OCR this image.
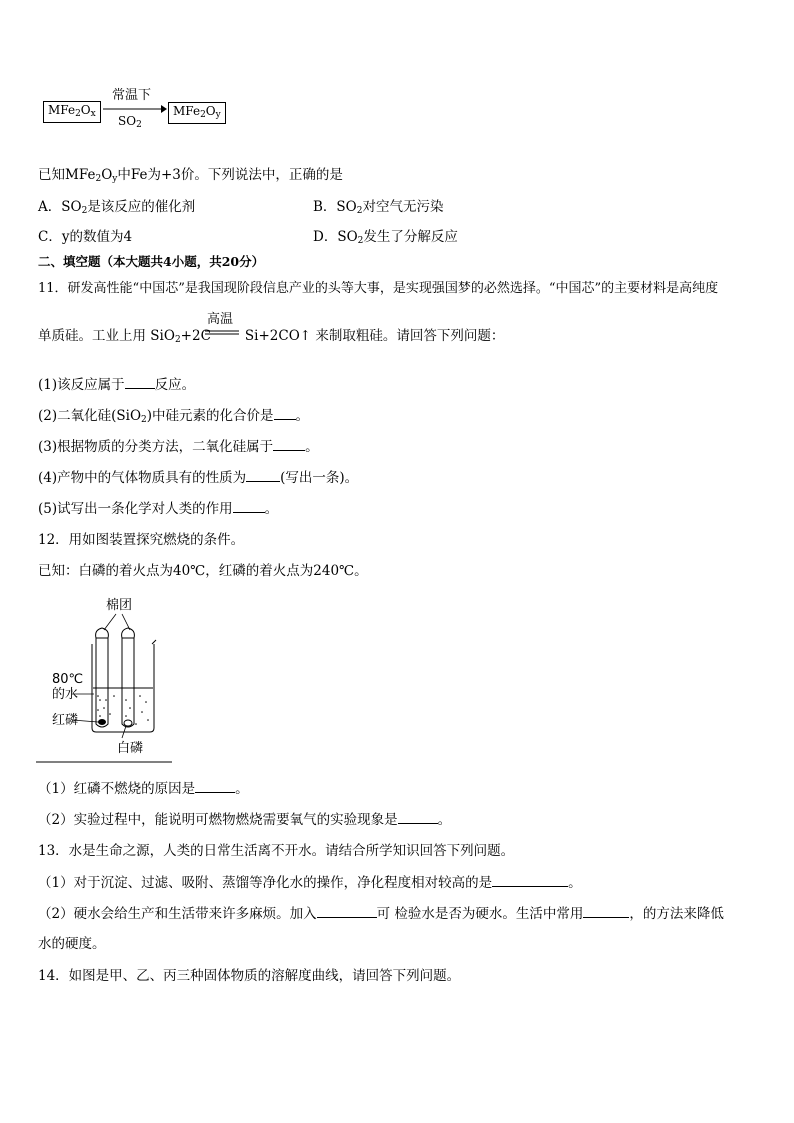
$MFe_2O_x$
常温下
$SO_2$
$MFe_2O_y$
已知$MFe_2O_y$中Fe为+3价。下列说法中，正确的是
A．$SO_2$是该反应的催化剂	B．$SO_2$对空气无污染
C．y的数值为4	D．$SO_2$发生了分解反应
二、填空题（本大题共4小题，共20分）
11．研发高性能“中国芯”是我国现阶段信息产业的头等大事，是实现强国梦的必然选择。“中国芯”的主要材料是高纯度
单质硅。工业上用 SiO$_2$+2C	Si+2CO↑ 来制取粗硅。请回答下列问题：
高温
(1)该反应属于 反应。
(2)二氧化硅(SiO$_2$)中硅元素的化合价是 。
(3)根据物质的分类方法，二氧化硅属于 。
(4)产物中的气体物质具有的性质为	(写出一条)。
(5)试写出一条化学对人类的作用 。
12．用如图装置探究燃烧的条件。
已知：白磷的着火点为40℃，红磷的着火点为240℃。
棉团
80℃
的水
红磷
白磷
（1）红磷不燃烧的原因是	。
（2）实验过程中，能说明可燃物燃烧需要氧气的实验现象是	。
13．水是生命之源，人类的日常生活离不开水。请结合所学知识回答下列问题。
（1）对于沉淀、过滤、吸附、蒸馏等净化水的操作，净化程度相对较高的是	。
（2）硬水会给生产和生活带来许多麻烦。加入	可 检验水是否为硬水。生活中常用	，的方法来降低
水的硬度。
14．如图是甲、乙、丙三种固体物质的溶解度曲线，请回答下列问题。
